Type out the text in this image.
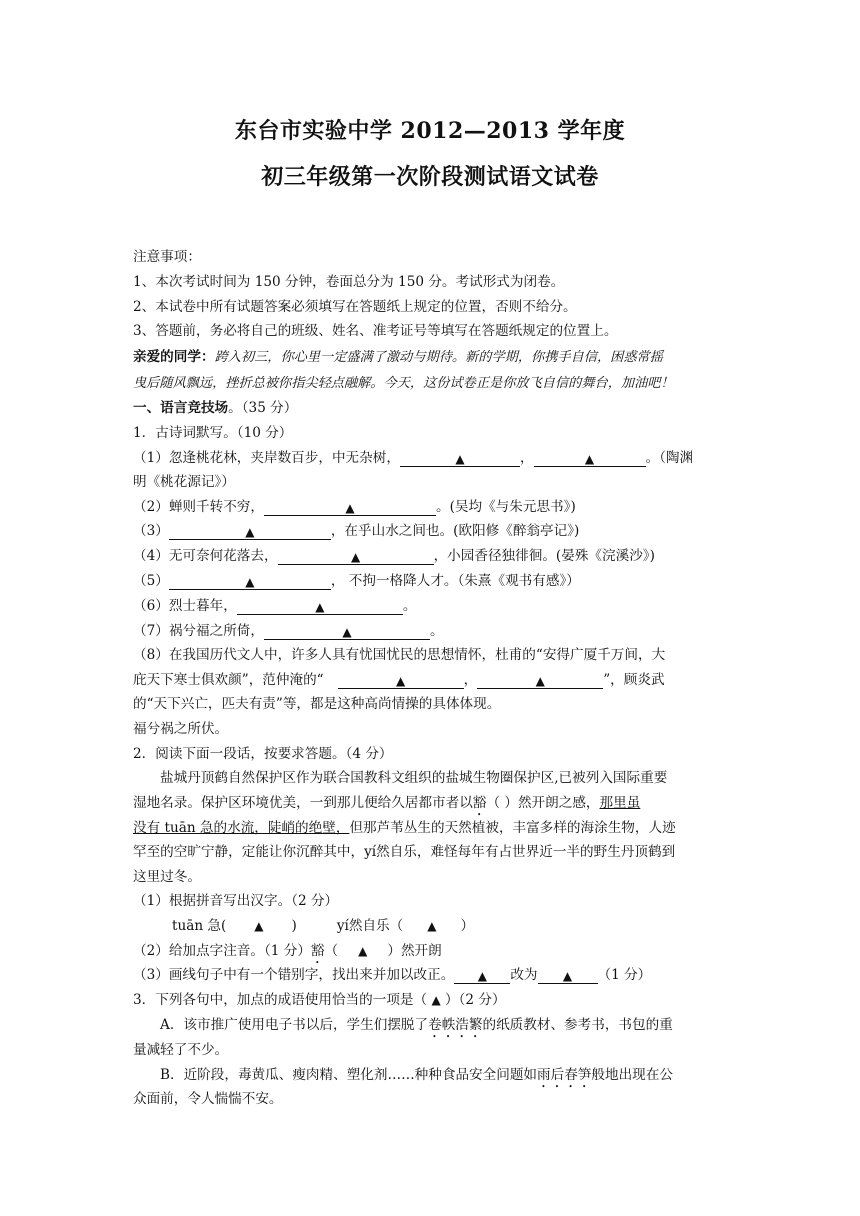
东台市实验中学 2012—2013 学年度
初三年级第一次阶段测试语文试卷
注意事项：
1、本次考试时间为 150 分钟，卷面总分为 150 分。考试形式为闭卷。
2、本试卷中所有试题答案必须填写在答题纸上规定的位置，否则不给分。
3、答题前，务必将自己的班级、姓名、准考证号等填写在答题纸规定的位置上。
亲爱的同学：跨入初三，你心里一定盛满了激动与期待。新的学期，你携手自信，困惑常摇
曳后随风飘远，挫折总被你指尖轻点融解。今天，这份试卷正是你放飞自信的舞台，加油吧！
一、语言竞技场。（35 分）
1．古诗词默写。（10 分）
（1）忽逢桃花林，夹岸数百步，中无杂树，	▲	，	▲	。（陶渊
明《桃花源记》）
（2）蝉则千转不穷，	▲	。(吴均《与朱元思书》)
（3）	▲	，在乎山水之间也。(欧阳修《醉翁亭记》)
（4）无可奈何花落去，	▲	，小园香径独徘徊。(晏殊《浣溪沙》)
（5）	▲	， 不拘一格降人才。（朱熹《观书有感》）
（6）烈士暮年，	▲	。
（7）祸兮福之所倚，	▲	。
（8）在我国历代文人中，许多人具有忧国忧民的思想情怀，杜甫的“安得广厦千万间，大
庇天下寒士俱欢颜”，范仲淹的“	▲	，	▲	”，顾炎武
的“天下兴亡，匹夫有责”等，都是这种高尚情操的具体体现。
福兮祸之所伏。
2．阅读下面一段话，按要求答题。（4 分）
盐城丹顶鹤自然保护区作为联合国教科文组织的盐城生物圈保护区,已被列入国际重要
湿地名录。保护区环境优美，一到那儿便给久居都市者以豁（ ）然开朗之感，那里虽
没有 tuān 急的水流，陡峭的绝壁，但那芦苇丛生的天然植被，丰富多样的海涂生物，人迹
罕至的空旷宁静，定能让你沉醉其中，yí然自乐，难怪每年有占世界近一半的野生丹顶鹤到
这里过冬。
（1）根据拼音写出汉字。（2 分）
tuān 急( ▲ )	yí然自乐（ ▲ ）
（2）给加点字注音。（1 分）豁（ ▲ ）然开朗
（3）画线句子中有一个错别字，找出来并加以改正。 ▲ 改为 ▲ （1 分）
3．下列各句中，加点的成语使用恰当的一项是（ ▲ ）（2 分）
A．该市推广使用电子书以后，学生们摆脱了卷帙浩繁的纸质教材、参考书，书包的重
量减轻了不少。
B．近阶段，毒黄瓜、瘦肉精、塑化剂……种种食品安全问题如雨后春笋般地出现在公
众面前，令人惴惴不安。
